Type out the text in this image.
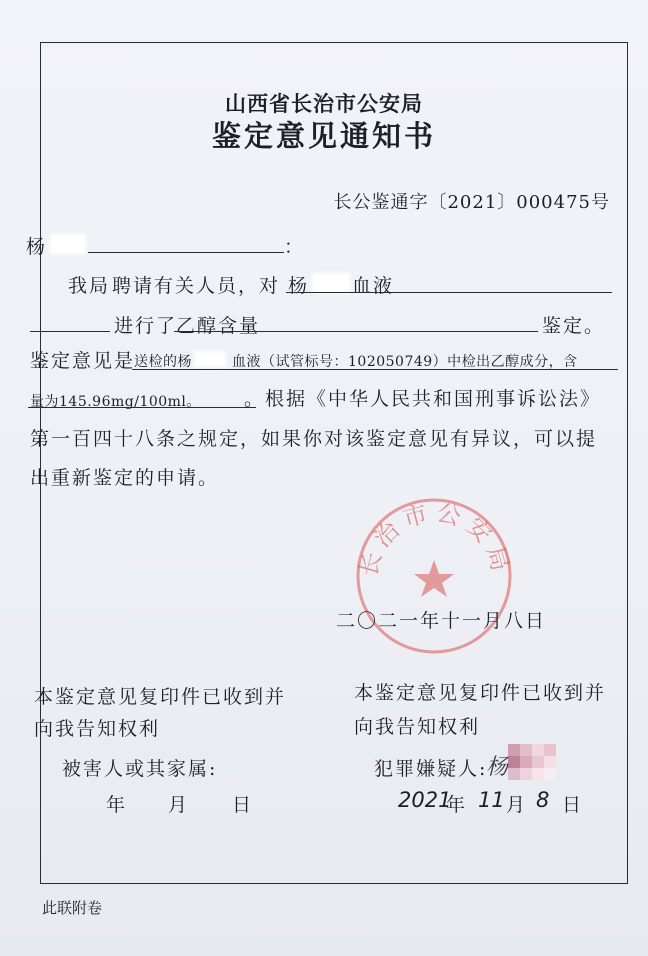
山西省长治市公安局
鉴定意见通知书
长公鉴通字〔2021〕000475号
杨	：
我局 聘请有关人员，对 杨 血液
进行了
乙醇含量	鉴定。
鉴定意见是
送检的杨	血液（试管标号：102050749）中检出乙醇成分，含
量为145.96mg/100ml。 。根据《中华人民共和国刑事诉讼法》
第一百四十八条之规定，如果你对该鉴定意见有异议，可以提
出重新鉴定的申请。
长治市公安局
二〇二一年十一月八日
本鉴定意见复印件已收到并
向我告知权利
被害人或其家属:
年 月 日
本鉴定意见复印件已收到并
向我告知权利
犯罪嫌疑人:
杨
2021
年 11 月 8 日
此联附卷
